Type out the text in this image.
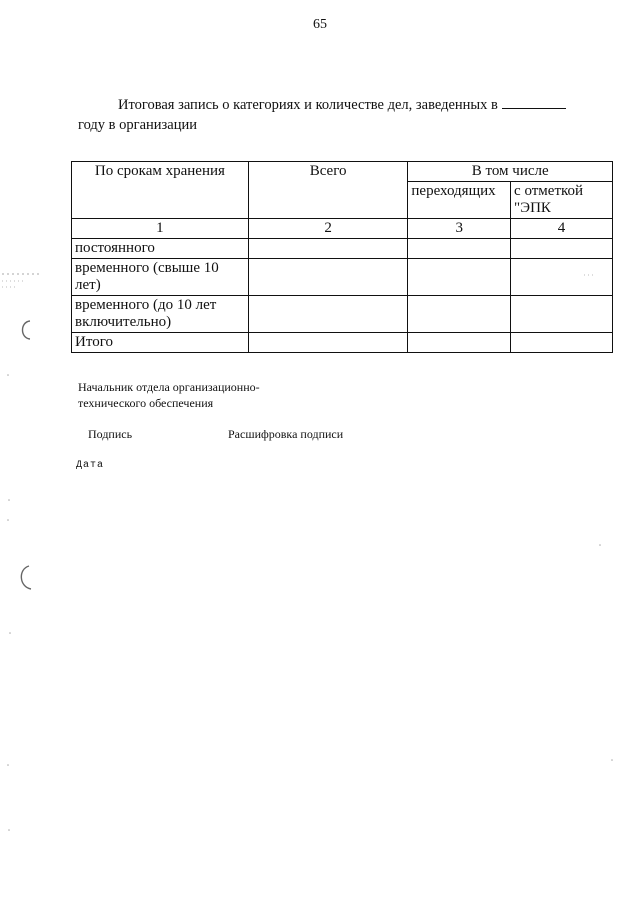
65
Итоговая запись о категориях и количестве дел, заведенных в
году в организации
По срокам хранения	Всего	В том числе	
		переходящих	с отметкой "ЭПК
1	2	3	4
постоянного			
временного (свыше 10 лет)			
временного (до 10 лет включительно)			
Итого			
Начальник отдела организационно-
технического обеспечения
Подпись	Расшифровка подписи
Дата
